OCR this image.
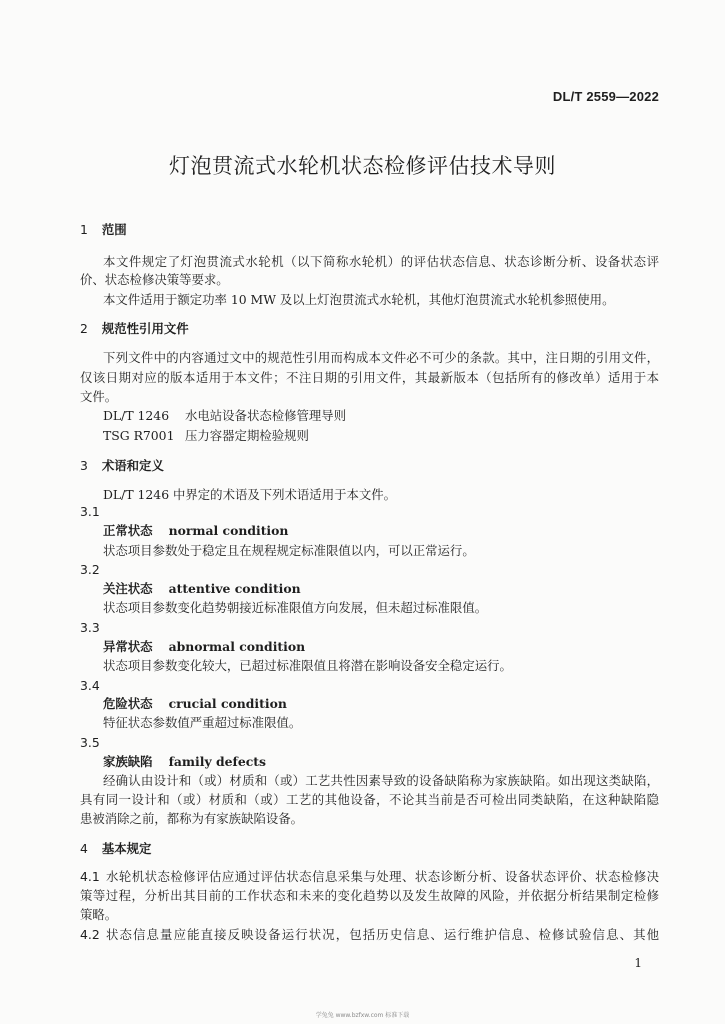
DL/T 2559—2022
灯泡贯流式水轮机状态检修评估技术导则
1 范围
本文件规定了灯泡贯流式水轮机（以下简称水轮机）的评估状态信息、状态诊断分析、设备状态评
价、状态检修决策等要求。
本文件适用于额定功率 10 MW 及以上灯泡贯流式水轮机，其他灯泡贯流式水轮机参照使用。
2 规范性引用文件
下列文件中的内容通过文中的规范性引用而构成本文件必不可少的条款。其中，注日期的引用文件，
仅该日期对应的版本适用于本文件；不注日期的引用文件，其最新版本（包括所有的修改单）适用于本
文件。
DL/T 1246 水电站设备状态检修管理导则
TSG R7001 压力容器定期检验规则
3 术语和定义
DL/T 1246 中界定的术语及下列术语适用于本文件。
3.1
正常状态 normal condition
状态项目参数处于稳定且在规程规定标准限值以内，可以正常运行。
3.2
关注状态 attentive condition
状态项目参数变化趋势朝接近标准限值方向发展，但未超过标准限值。
3.3
异常状态 abnormal condition
状态项目参数变化较大，已超过标准限值且将潜在影响设备安全稳定运行。
3.4
危险状态 crucial condition
特征状态参数值严重超过标准限值。
3.5
家族缺陷 family defects
经确认由设计和（或）材质和（或）工艺共性因素导致的设备缺陷称为家族缺陷。如出现这类缺陷，
具有同一设计和（或）材质和（或）工艺的其他设备，不论其当前是否可检出同类缺陷，在这种缺陷隐
患被消除之前，都称为有家族缺陷设备。
4 基本规定
4.1 水轮机状态检修评估应通过评估状态信息采集与处理、状态诊断分析、设备状态评价、状态检修决
策等过程，分析出其目前的工作状态和未来的变化趋势以及发生故障的风险，并依据分析结果制定检修
策略。
4.2 状态信息量应能直接反映设备运行状况，包括历史信息、运行维护信息、检修试验信息、其他
1
学兔兔 www.bzfxw.com 标准下载
